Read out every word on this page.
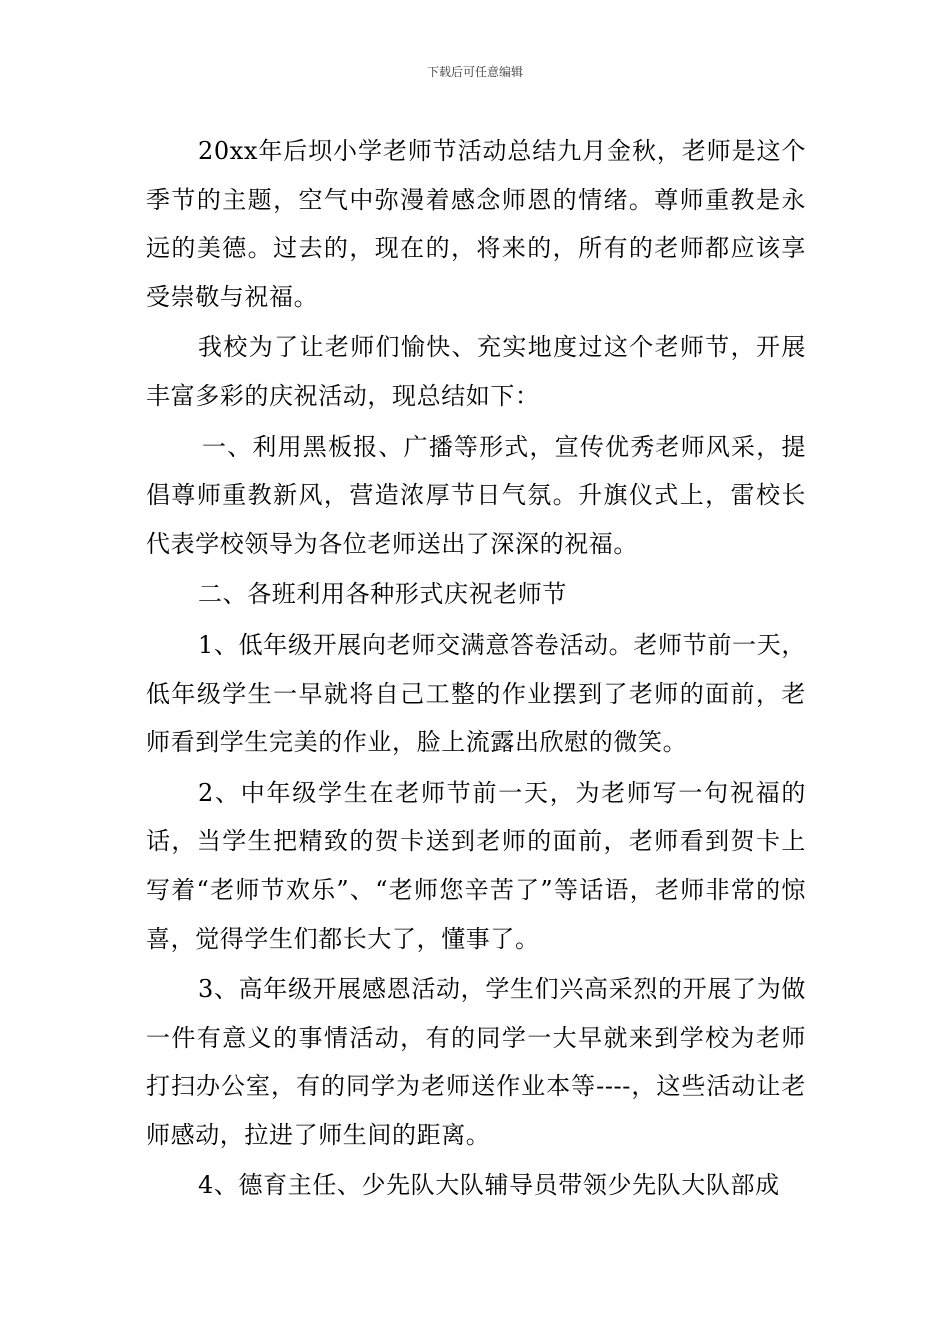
下载后可任意编辑

20xx年后坝小学老师节活动总结九月金秋，老师是这个季节的主题，空气中弥漫着感念师恩的情绪。尊师重教是永远的美德。过去的，现在的，将来的，所有的老师都应该享受崇敬与祝福。

我校为了让老师们愉快、充实地度过这个老师节，开展丰富多彩的庆祝活动，现总结如下：

一、利用黑板报、广播等形式，宣传优秀老师风采，提倡尊师重教新风，营造浓厚节日气氛。升旗仪式上，雷校长代表学校领导为各位老师送出了深深的祝福。

二、各班利用各种形式庆祝老师节

1、低年级开展向老师交满意答卷活动。老师节前一天，低年级学生一早就将自己工整的作业摆到了老师的面前，老师看到学生完美的作业，脸上流露出欣慰的微笑。

2、中年级学生在老师节前一天，为老师写一句祝福的话，当学生把精致的贺卡送到老师的面前，老师看到贺卡上写着“老师节欢乐”、“老师您辛苦了”等话语，老师非常的惊喜，觉得学生们都长大了，懂事了。

3、高年级开展感恩活动，学生们兴高采烈的开展了为做一件有意义的事情活动，有的同学一大早就来到学校为老师打扫办公室，有的同学为老师送作业本等----，这些活动让老师感动，拉进了师生间的距离。

4、德育主任、少先队大队辅导员带领少先队大队部成
